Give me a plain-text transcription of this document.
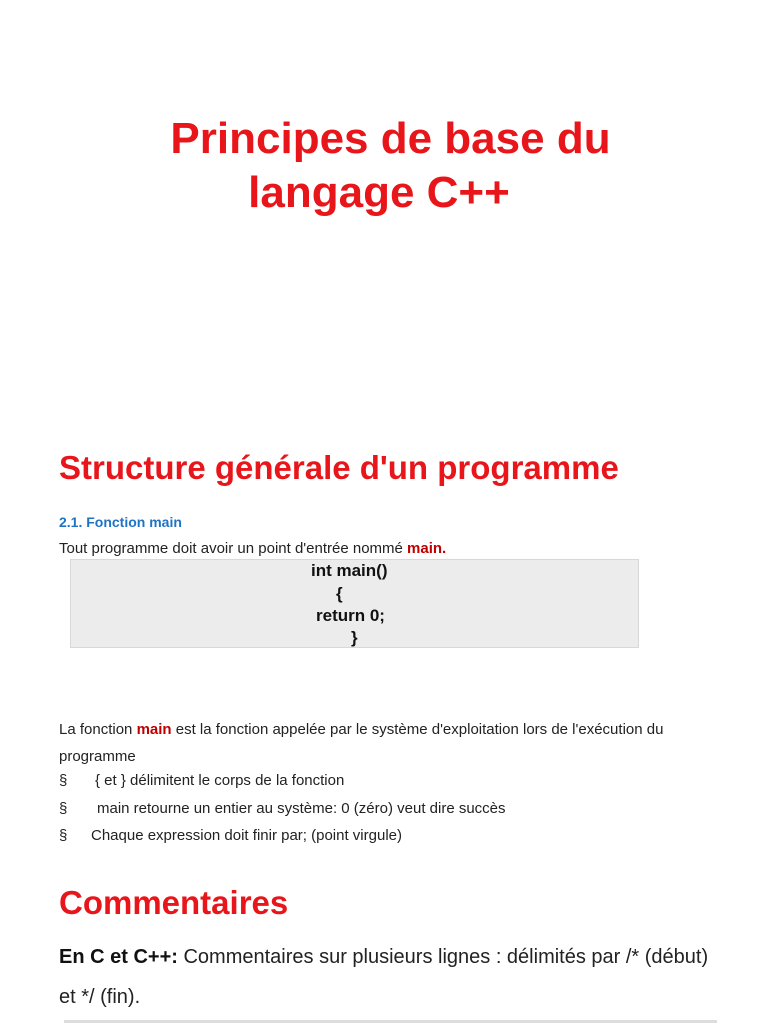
Principes de base du
langage C++
Structure générale d'un programme
2.1. Fonction main

Tout programme doit avoir un point d'entrée nommé main.

int main()
{
return 0;
}

La fonction main est la fonction appelée par le système d'exploitation lors de l'exécution du programme

§ { et } délimitent le corps de la fonction

§ main retourne un entier au système: 0 (zéro) veut dire succès

§ Chaque expression doit finir par; (point virgule)

Commentaires

En C et C++: Commentaires sur plusieurs lignes : délimités par /* (début) et */ (fin).
